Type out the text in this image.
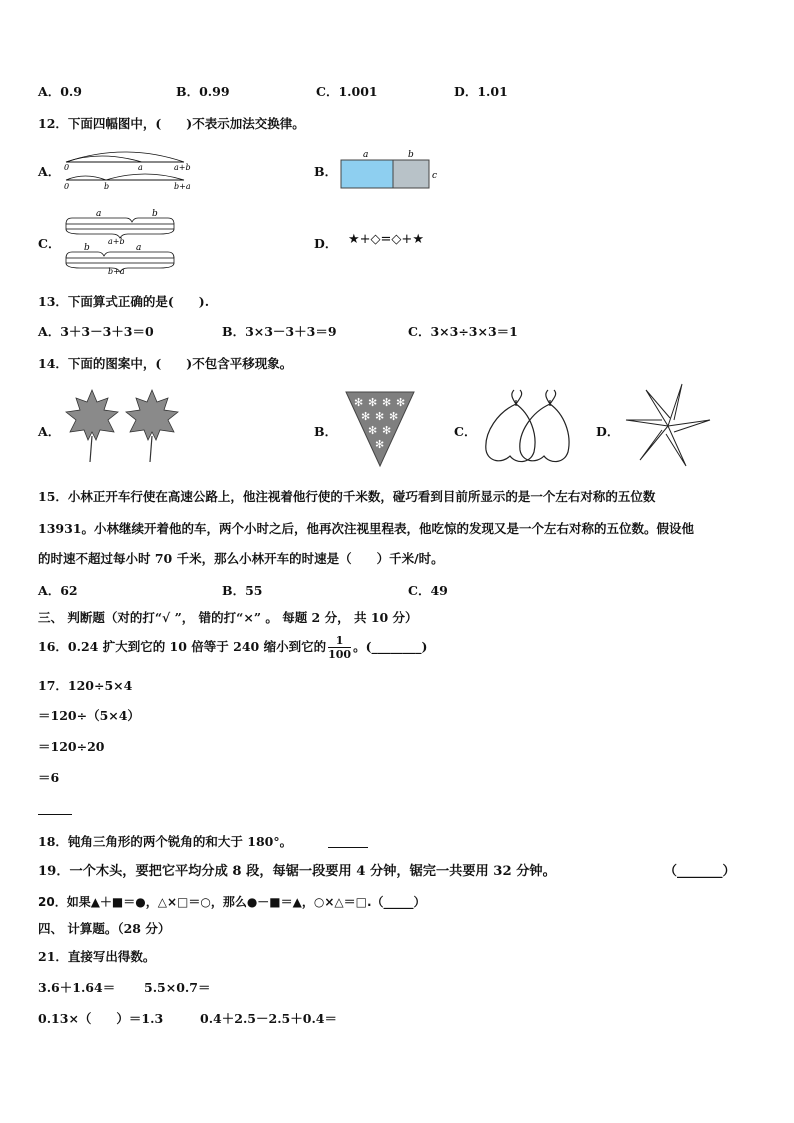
A．0.9	B．0.99	C．1.001	D．1.01
12．下面四幅图中，(　　)不表示加法交换律。
A． 0	a	a+b
0	b	b+a
B．
a	b
c
C．
a	b
a+b
b	a
b+a
D． ★+◇=◇+★
13．下面算式正确的是(　　).
A．3＋3－3＋3＝0	B．3×3－3＋3＝9	C．3×3÷3×3＝1
14．下面的图案中，(　　)不包含平移现象。
A．	B．
✻ ✻ ✻ ✻
✻ ✻ ✻
✻ ✻
✻
C．	D．
15．小林正开车行使在高速公路上，他注视着他行使的千米数，碰巧看到目前所显示的是一个左右对称的五位数
13931。小林继续开着他的车，两个小时之后，他再次注视里程表，他吃惊的发现又是一个左右对称的五位数。假设他
的时速不超过每小时 70 千米，那么小林开车的时速是（　　）千米/时。
A．62	B．55	C．49
三、 判断题（对的打“√ ”， 错的打“×” 。 每题 2 分， 共 10 分）
16．0.24 扩大到它的 10 倍等于 240 缩小到它的 $\frac{1}{100}$ 。(________)
17．120÷5×4
＝120÷（5×4）
＝120÷20
＝6
18．钝角三角形的两个锐角的和大于 180°。
19．一个木头，要把它平均分成 8 段，每锯一段要用 4 分钟，锯完一共要用 32 分钟。	（_______）
20．如果▲＋■＝●，△×□＝○，那么●－■＝▲，○×△＝□.（_____）
四、 计算题。（28 分）
21．直接写出得数。
3.6＋1.64＝ 5.5×0.7＝
0.13×（　　）＝1.3	0.4＋2.5－2.5＋0.4＝
